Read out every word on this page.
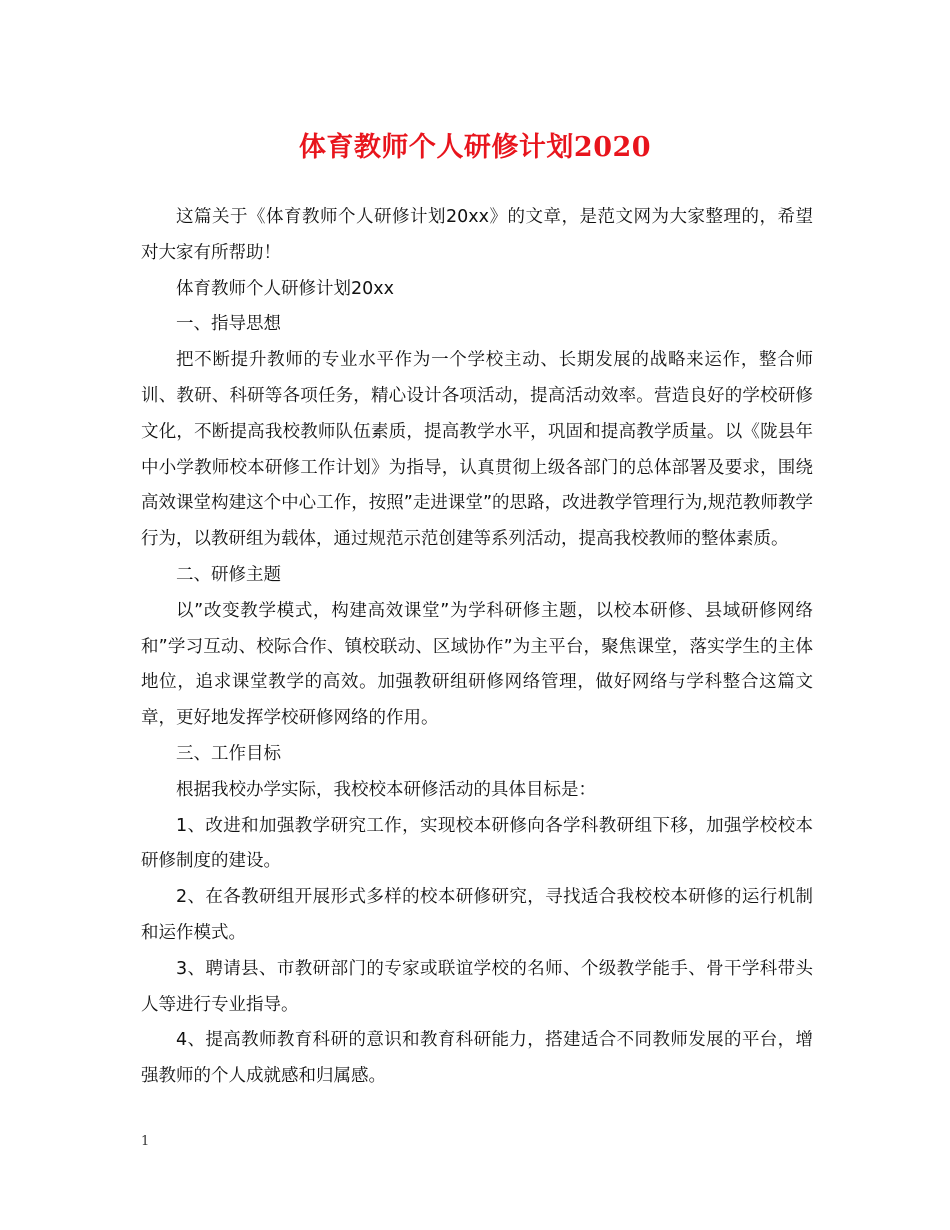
体育教师个人研修计划2020

这篇关于《体育教师个人研修计划20xx》的文章，是范文网为大家整理的，希望对大家有所帮助！

体育教师个人研修计划20xx

一、指导思想

把不断提升教师的专业水平作为一个学校主动、长期发展的战略来运作，整合师训、教研、科研等各项任务，精心设计各项活动，提高活动效率。营造良好的学校研修文化，不断提高我校教师队伍素质，提高教学水平，巩固和提高教学质量。以《陇县年中小学教师校本研修工作计划》为指导，认真贯彻上级各部门的总体部署及要求，围绕高效课堂构建这个中心工作，按照”走进课堂”的思路，改进教学管理行为,规范教师教学行为，以教研组为载体，通过规范示范创建等系列活动，提高我校教师的整体素质。

二、研修主题

以”改变教学模式，构建高效课堂”为学科研修主题，以校本研修、县域研修网络和”学习互动、校际合作、镇校联动、区域协作”为主平台，聚焦课堂，落实学生的主体地位，追求课堂教学的高效。加强教研组研修网络管理，做好网络与学科整合这篇文章，更好地发挥学校研修网络的作用。

三、工作目标

根据我校办学实际，我校校本研修活动的具体目标是：

1、改进和加强教学研究工作，实现校本研修向各学科教研组下移，加强学校校本研修制度的建设。

2、在各教研组开展形式多样的校本研修研究，寻找适合我校校本研修的运行机制和运作模式。

3、聘请县、市教研部门的专家或联谊学校的名师、个级教学能手、骨干学科带头人等进行专业指导。

4、提高教师教育科研的意识和教育科研能力，搭建适合不同教师发展的平台，增强教师的个人成就感和归属感。

1
